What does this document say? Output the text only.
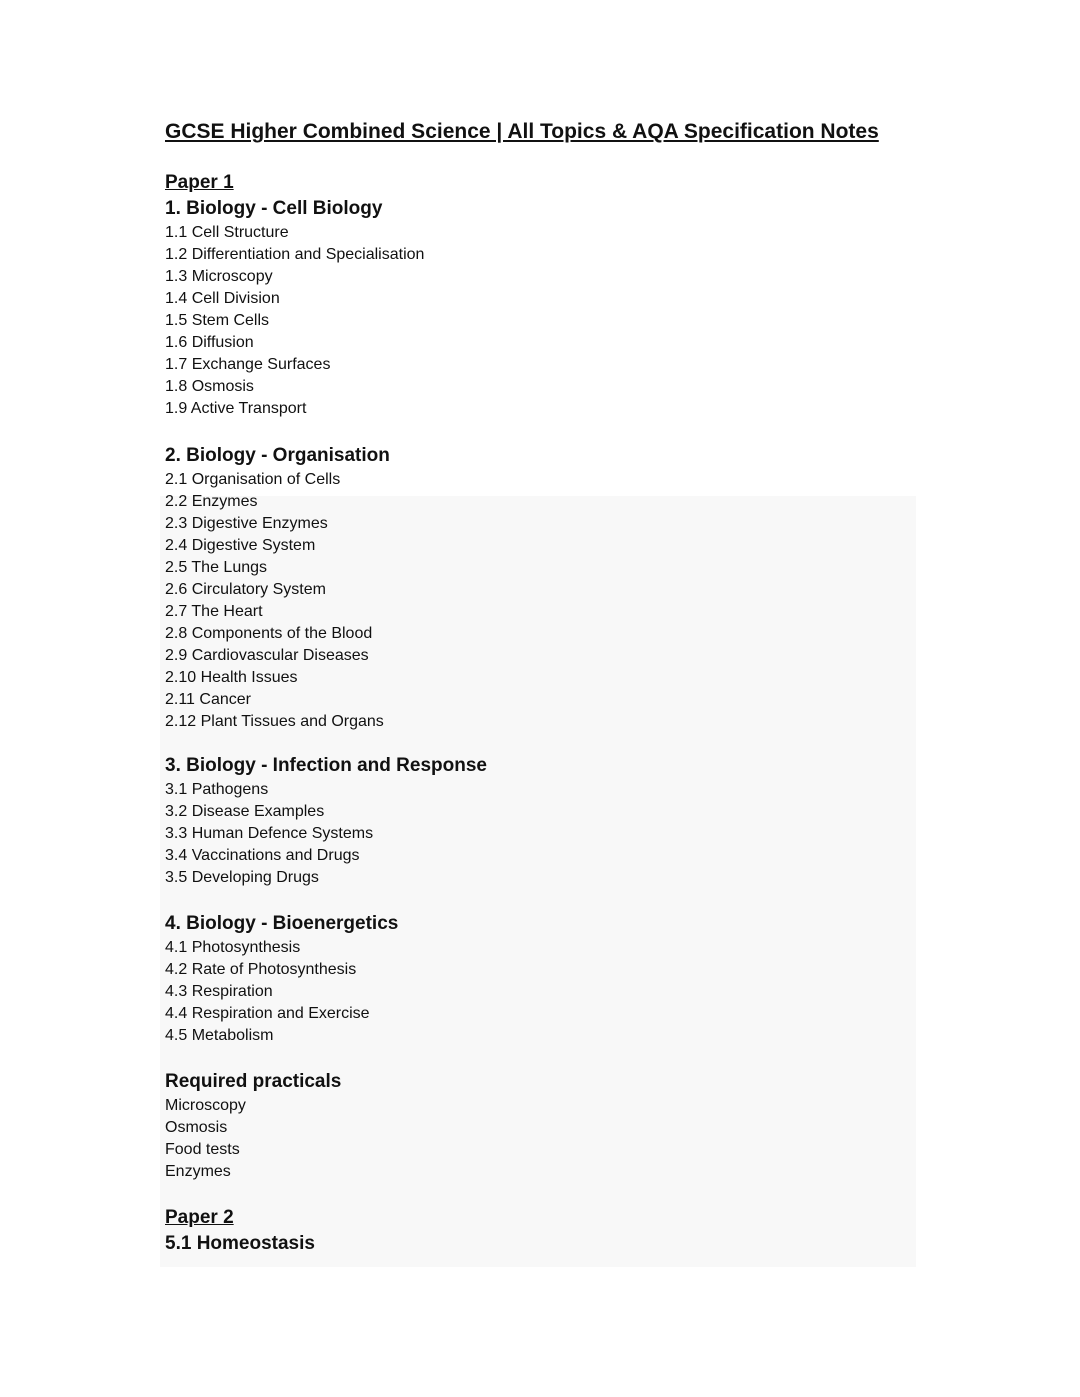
GCSE Higher Combined Science | All Topics & AQA Specification Notes
Paper 1
1. Biology - Cell Biology
1.1 Cell Structure
1.2 Differentiation and Specialisation
1.3 Microscopy
1.4 Cell Division
1.5 Stem Cells
1.6 Diffusion
1.7 Exchange Surfaces
1.8 Osmosis
1.9 Active Transport
2. Biology - Organisation
2.1 Organisation of Cells
2.2 Enzymes
2.3 Digestive Enzymes
2.4 Digestive System
2.5 The Lungs
2.6 Circulatory System
2.7 The Heart
2.8 Components of the Blood
2.9 Cardiovascular Diseases
2.10 Health Issues
2.11 Cancer
2.12 Plant Tissues and Organs
3. Biology - Infection and Response
3.1 Pathogens
3.2 Disease Examples
3.3 Human Defence Systems
3.4 Vaccinations and Drugs
3.5 Developing Drugs
4. Biology - Bioenergetics
4.1 Photosynthesis
4.2 Rate of Photosynthesis
4.3 Respiration
4.4 Respiration and Exercise
4.5 Metabolism
Required practicals
Microscopy
Osmosis
Food tests
Enzymes
Paper 2
5.1 Homeostasis
